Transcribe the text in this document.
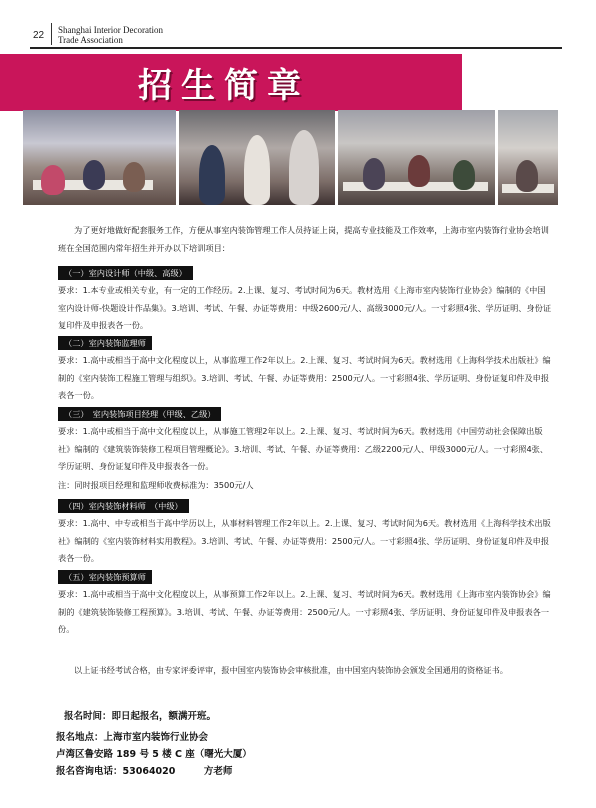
22 Shanghai Interior Decoration
Trade Association
招生简章
为了更好地做好配套服务工作，方便从事室内装饰管理工作人员持证上岗，提高专业技能及工作效率，上海市室内装饰行业协会培训班在全国范围内常年招生并开办以下培训项目：
（一）室内设计师（中级、高级）
要求：1.本专业或相关专业，有一定的工作经历。2.上课、复习、考试时间为6天。教材选用《上海市室内装饰行业协会》编制的《中国室内设计师-快题设计作品集》。3.培训、考试、午餐、办证等费用：中级2600元/人、高级3000元/人。一寸彩照4张、学历证明、身份证复印件及申报表各一份。
（二）室内装饰监理师
要求：1.高中或相当于高中文化程度以上，从事监理工作2年以上。2.上课、复习、考试时间为6天。教材选用《上海科学技术出版社》编制的《室内装饰工程施工管理与组织》。3.培训、考试、午餐、办证等费用：2500元/人。一寸彩照4张、学历证明、身份证复印件及申报表各一份。
（三）　室内装饰项目经理（甲级、乙级）
要求：1.高中或相当于高中文化程度以上，从事施工管理2年以上。2.上课、复习、考试时间为6天。教材选用《中国劳动社会保障出版社》编制的《建筑装饰装修工程项目管理概论》。3.培训、考试、午餐、办证等费用：乙级2200元/人、甲级3000元/人。一寸彩照4张、学历证明、身份证复印件及申报表各一份。
注：同时报项目经理和监理师收费标准为：3500元/人
（四）室内装饰材料师　（中级）
要求：1.高中、中专或相当于高中学历以上，从事材料管理工作2年以上。2.上课、复习、考试时间为6天。教材选用《上海科学技术出版社》编制的《室内装饰材料实用教程》。3.培训、考试、午餐、办证等费用：2500元/人。一寸彩照4张、学历证明、身份证复印件及申报表各一份。
（五）室内装饰预算师
要求：1.高中或相当于高中文化程度以上，从事预算工作2年以上。2.上课、复习、考试时间为6天。教材选用《上海市室内装饰协会》编制的《建筑装饰装修工程预算》。3.培训、考试、午餐、办证等费用：2500元/人。一寸彩照4张、学历证明、身份证复印件及申报表各一份。
以上证书经考试合格，由专家评委评审，报中国室内装饰协会审核批准，由中国室内装饰协会颁发全国通用的资格证书。
报名时间：即日起报名，额满开班。
报名地点：上海市室内装饰行业协会
卢湾区鲁安路 189 号 5 楼 C 座（曙光大厦）
报名咨询电话：53064020　　　方老师
